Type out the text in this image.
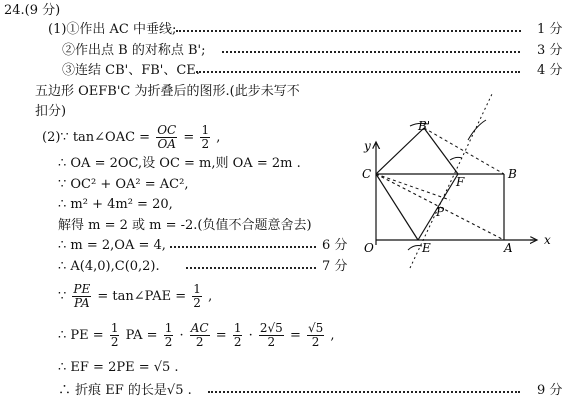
24.(9 分)
(1)①作出 AC 中垂线;	1 分
②作出点 B 的对称点 B';	3 分
③连结 CB'、FB'、CE.	4 分
五边形 OEFB'C 为折叠后的图形.(此步未写不
扣分)
(2)∵ tan∠OAC = $\frac{OC}{OA} = \frac{1}{2}$ ,
∴ OA = 2OC,设 OC = m,则 OA = 2m .
∵ OC² + OA² = AC²,
∴ m² + 4m² = 20,
解得 m = 2 或 m = -2.(负值不合题意舍去)
∴ m = 2,OA = 4,	6 分
∴ A(4,0),C(0,2).	7 分
∵ $\frac{PE}{PA}$ = tan∠PAE = $\frac{1}{2}$ ,
∴ PE = $\frac{1}{2}$ PA = $\frac{1}{2} \cdot \frac{AC}{2} = \frac{1}{2} \cdot \frac{2√5}{2} = \frac{√5}{2}$ ,
∴ EF = 2PE = √5 .
∴ 折痕 EF 的长是√5 .	9 分
y
x
O	E	A
C	B
B'
F
P
